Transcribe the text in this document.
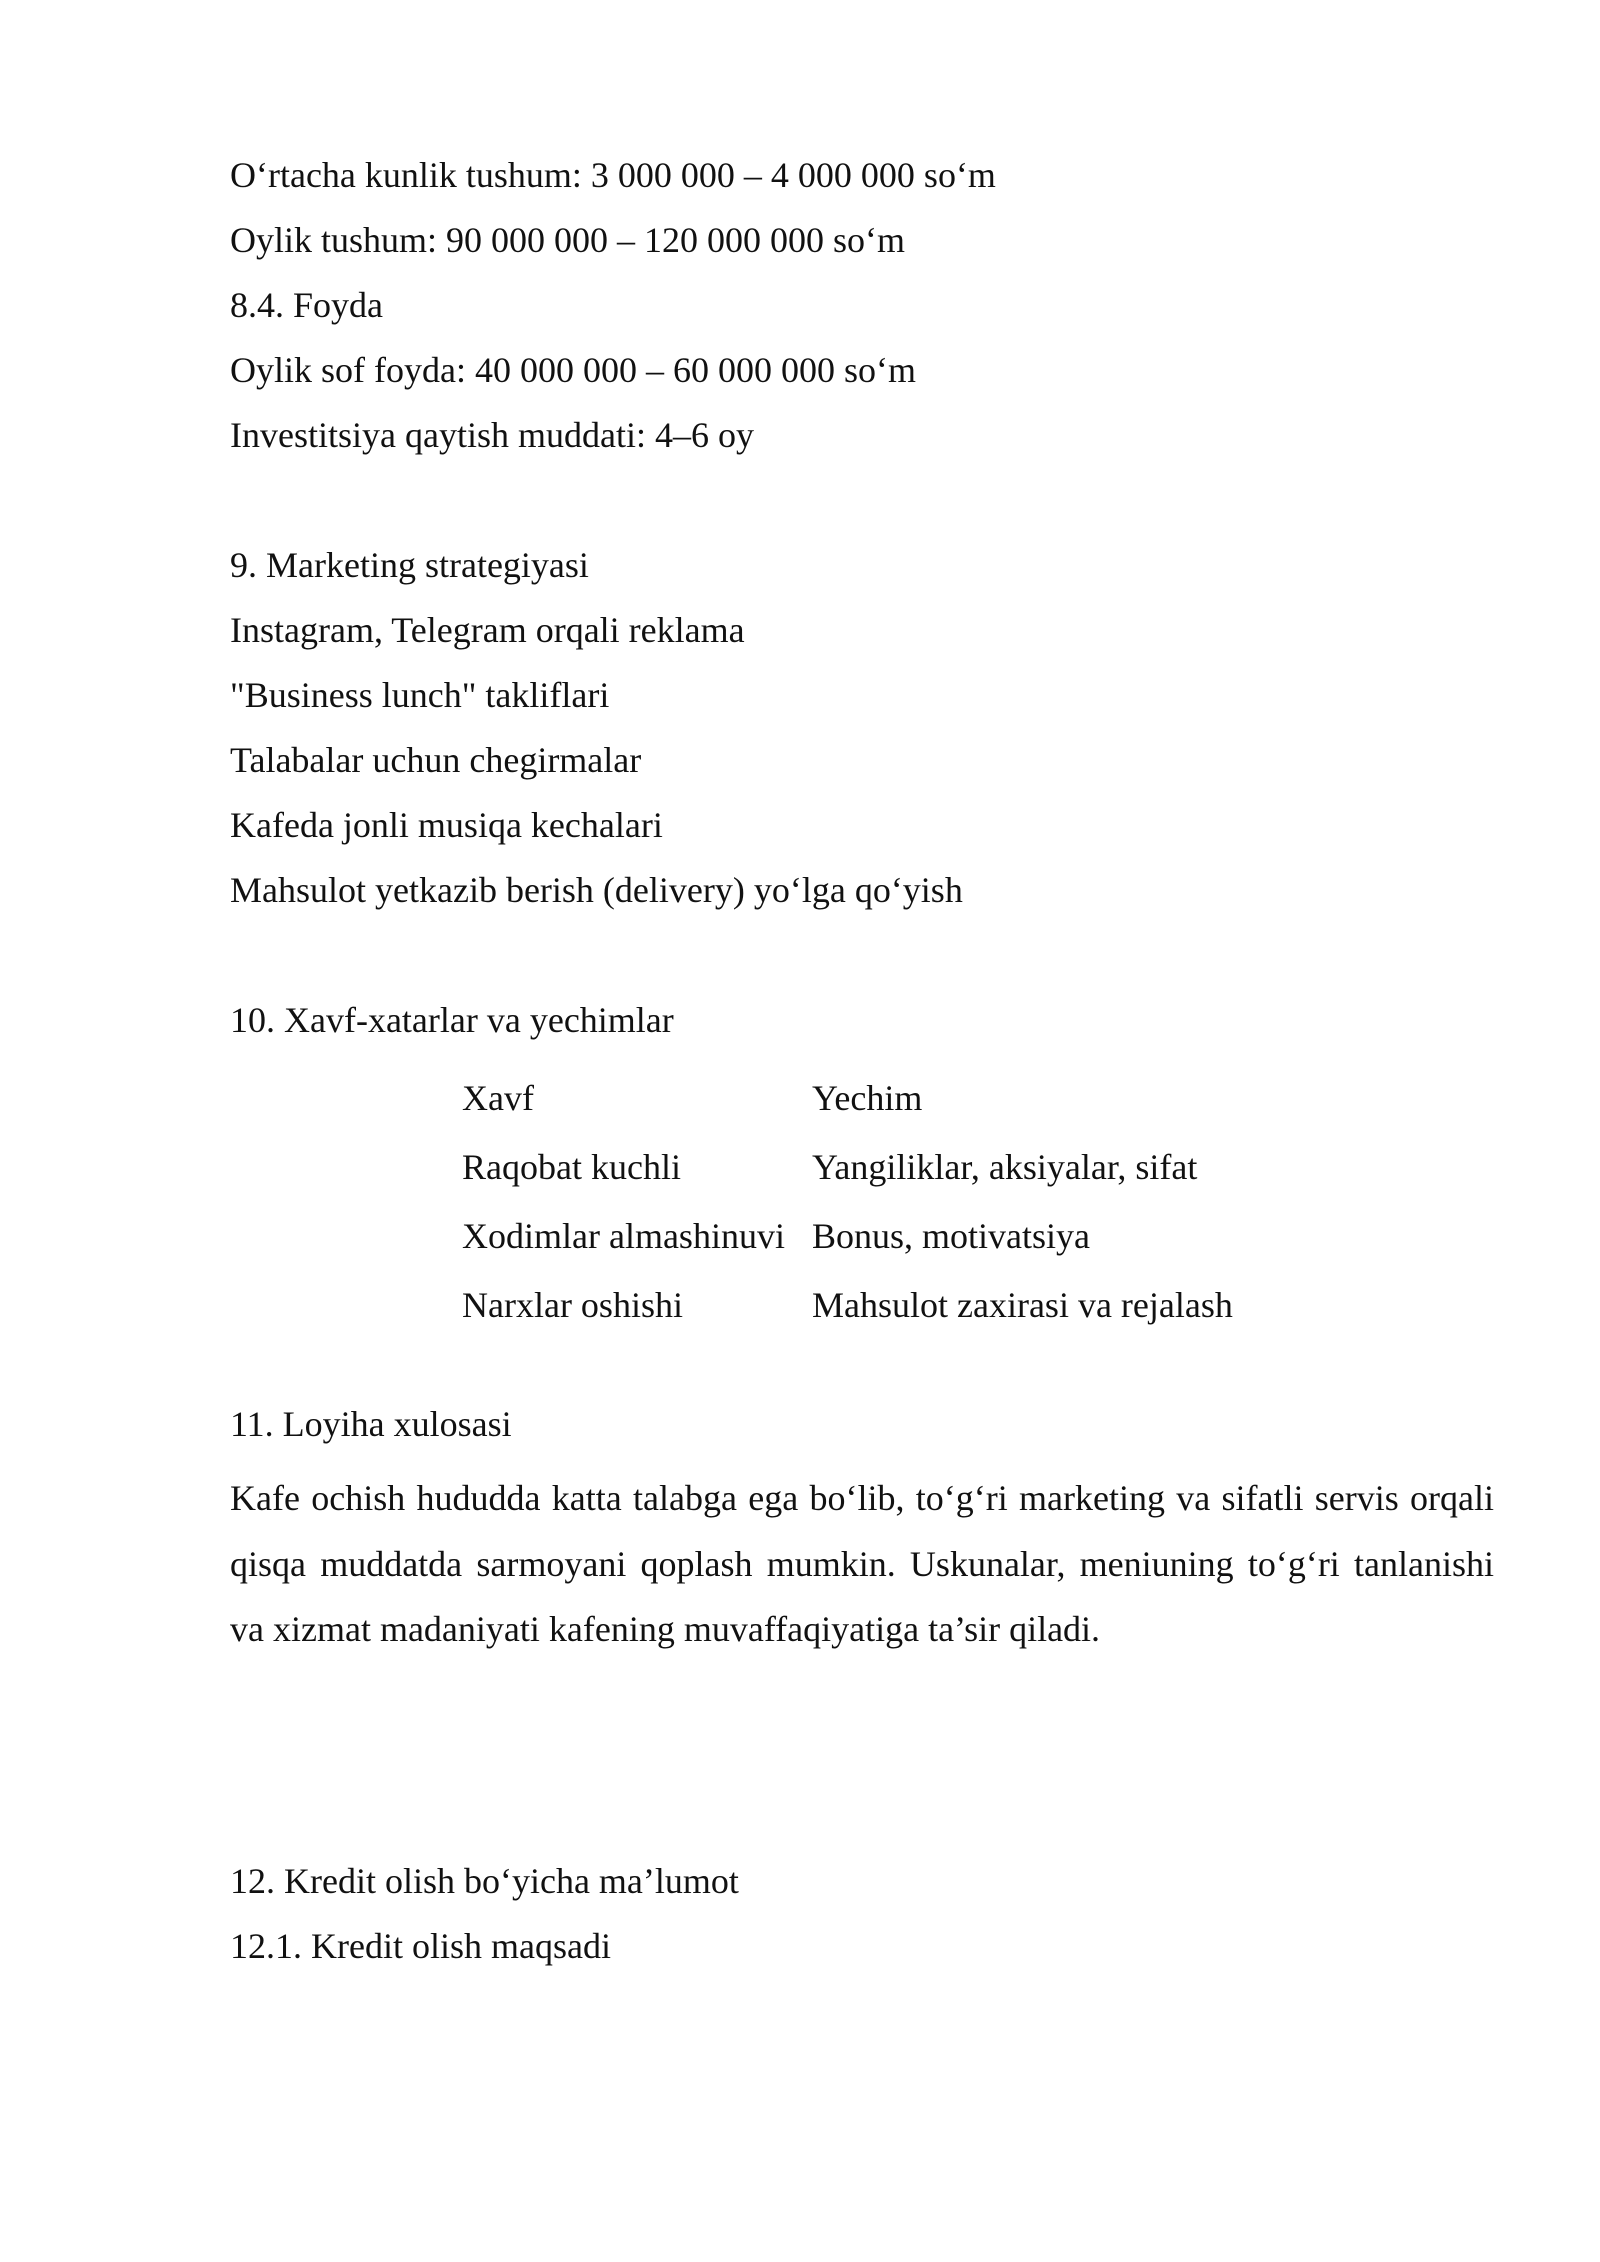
O‘rtacha kunlik tushum: 3 000 000 – 4 000 000 so‘m
Oylik tushum: 90 000 000 – 120 000 000 so‘m
8.4. Foyda
Oylik sof foyda: 40 000 000 – 60 000 000 so‘m
Investitsiya qaytish muddati: 4–6 oy
9. Marketing strategiyasi
Instagram, Telegram orqali reklama
"Business lunch" takliflari
Talabalar uchun chegirmalar
Kafeda jonli musiqa kechalari
Mahsulot yetkazib berish (delivery) yo‘lga qo‘yish
10. Xavf-xatarlar va yechimlar
Xavf	Yechim
Raqobat kuchli	Yangiliklar, aksiyalar, sifat
Xodimlar almashinuvi	Bonus, motivatsiya
Narxlar oshishi	Mahsulot zaxirasi va rejalash
11. Loyiha xulosasi

Kafe ochish hududda katta talabga ega bo‘lib, to‘g‘ri marketing va sifatli servis orqali qisqa muddatda sarmoyani qoplash mumkin. Uskunalar, meniuning to‘g‘ri tanlanishi va xizmat madaniyati kafening muvaffaqiyatiga ta’sir qiladi.

12. Kredit olish bo‘yicha ma’lumot
12.1. Kredit olish maqsadi
